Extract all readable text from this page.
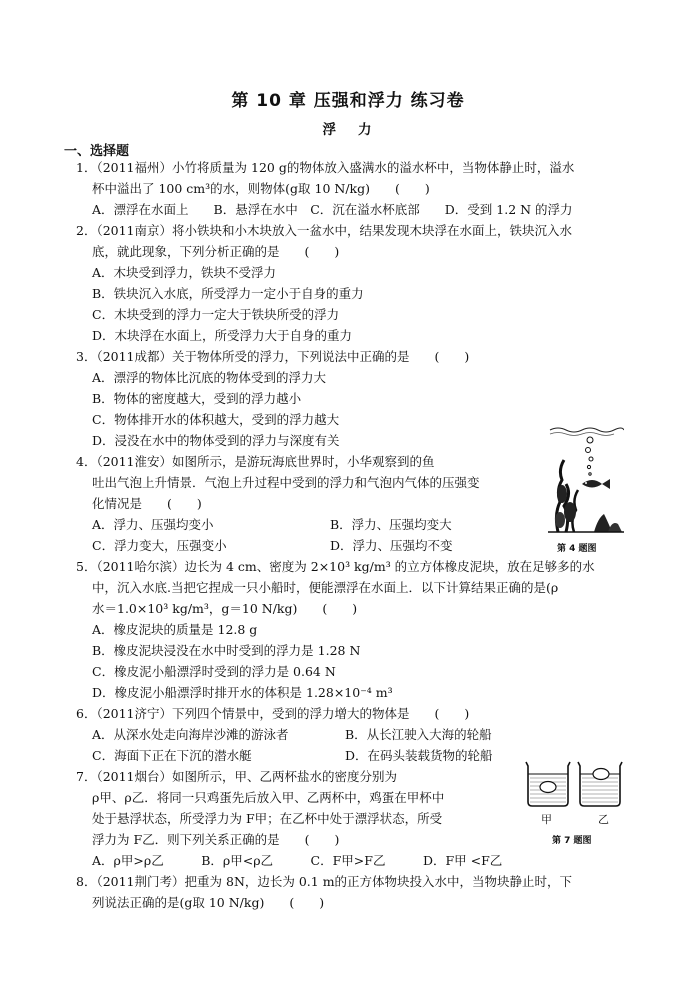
第 10 章 压强和浮力 练习卷
浮力
一、选择题
1．（2011福州）小竹将质量为 120 g的物体放入盛满水的溢水杯中，当物体静止时，溢水
杯中溢出了 100 cm³的水，则物体(g取 10 N/kg)　　(　　)
A．漂浮在水面上　　B．悬浮在水中　C．沉在溢水杯底部　　D．受到 1.2 N 的浮力
2．（2011南京）将小铁块和小木块放入一盆水中，结果发现木块浮在水面上，铁块沉入水
底，就此现象，下列分析正确的是　　(　　)
A．木块受到浮力，铁块不受浮力
B．铁块沉入水底，所受浮力一定小于自身的重力
C．木块受到的浮力一定大于铁块所受的浮力
D．木块浮在水面上，所受浮力大于自身的重力
3．（2011成都）关于物体所受的浮力，下列说法中正确的是　　(　　)
A．漂浮的物体比沉底的物体受到的浮力大
B．物体的密度越大，受到的浮力越小
C．物体排开水的体积越大，受到的浮力越大
D．浸没在水中的物体受到的浮力与深度有关
4．（2011淮安）如图所示，是游玩海底世界时，小华观察到的鱼
吐出气泡上升情景．气泡上升过程中受到的浮力和气泡内气体的压强变
化情况是　　(　　)
A．浮力、压强均变小	B．浮力、压强均变大
C．浮力变大，压强变小	D．浮力、压强均不变	第 4 题图
5．（2011哈尔滨）边长为 4 cm、密度为 2×10³ kg/m³ 的立方体橡皮泥块，放在足够多的水
中，沉入水底.当把它捏成一只小船时，便能漂浮在水面上．以下计算结果正确的是(ρ
水＝1.0×10³ kg/m³，g＝10 N/kg)　　(　　)
A．橡皮泥块的质量是 12.8 g
B．橡皮泥块浸没在水中时受到的浮力是 1.28 N
C．橡皮泥小船漂浮时受到的浮力是 0.64 N
D．橡皮泥小船漂浮时排开水的体积是 1.28×10⁻⁴ m³
6．（2011济宁）下列四个情景中，受到的浮力增大的物体是　　(　　)
A．从深水处走向海岸沙滩的游泳者	B．从长江驶入大海的轮船
C．海面下正在下沉的潜水艇	D．在码头装载货物的轮船
7．（2011烟台）如图所示，甲、乙两杯盐水的密度分别为
ρ甲、ρ乙．将同一只鸡蛋先后放入甲、乙两杯中，鸡蛋在甲杯中
处于悬浮状态，所受浮力为 F甲；在乙杯中处于漂浮状态，所受
浮力为 F乙．则下列关系正确的是　　(　　)
A．ρ甲>ρ乙　　　B．ρ甲<ρ乙　　　C．F甲>F乙　　　D．F甲 <F乙
甲	乙
第 7 题图
8．（2011荆门考）把重为 8N，边长为 0.1 m的正方体物块投入水中，当物块静止时，下
列说法正确的是(g取 10 N/kg)　　(　　)
